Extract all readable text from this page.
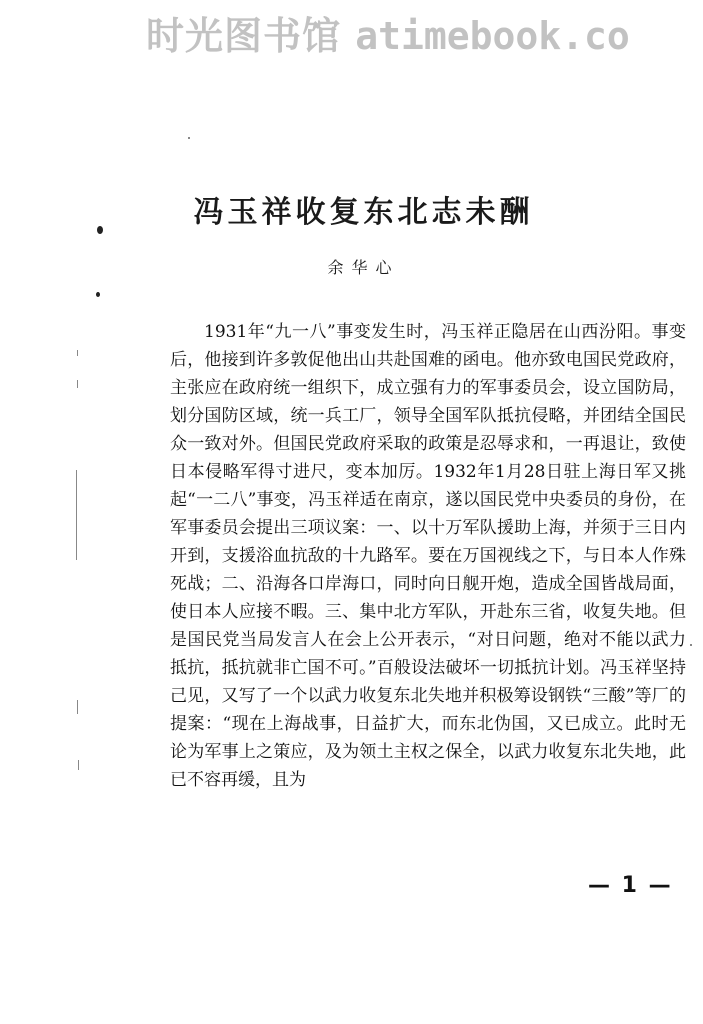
时光图书馆 atimebook.co
冯玉祥收复东北志未酬
余华心

1931年“九一八”事变发生时，冯玉祥正隐居在山西汾阳。事变后，他接到许多敦促他出山共赴国难的函电。他亦致电国民党政府，主张应在政府统一组织下，成立强有力的军事委员会，设立国防局，划分国防区域，统一兵工厂，领导全国军队抵抗侵略，并团结全国民众一致对外。但国民党政府采取的政策是忍辱求和，一再退让，致使日本侵略军得寸进尺，变本加厉。1932年1月28日驻上海日军又挑起“一二八”事变，冯玉祥适在南京，遂以国民党中央委员的身份，在军事委员会提出三项议案：一、以十万军队援助上海，并须于三日内开到，支援浴血抗敌的十九路军。要在万国视线之下，与日本人作殊死战；二、沿海各口岸海口，同时向日舰开炮，造成全国皆战局面，使日本人应接不暇。三、集中北方军队，开赴东三省，收复失地。但是国民党当局发言人在会上公开表示，“对日问题，绝对不能以武力抵抗，抵抗就非亡国不可。”百般设法破坏一切抵抗计划。冯玉祥坚持己见，又写了一个以武力收复东北失地并积极筹设钢铁“三酸”等厂的提案：“现在上海战事，日益扩大，而东北伪国，又已成立。此时无论为军事上之策应，及为领土主权之保全，以武力收复东北失地，此已不容再缓，且为

— 1 —
